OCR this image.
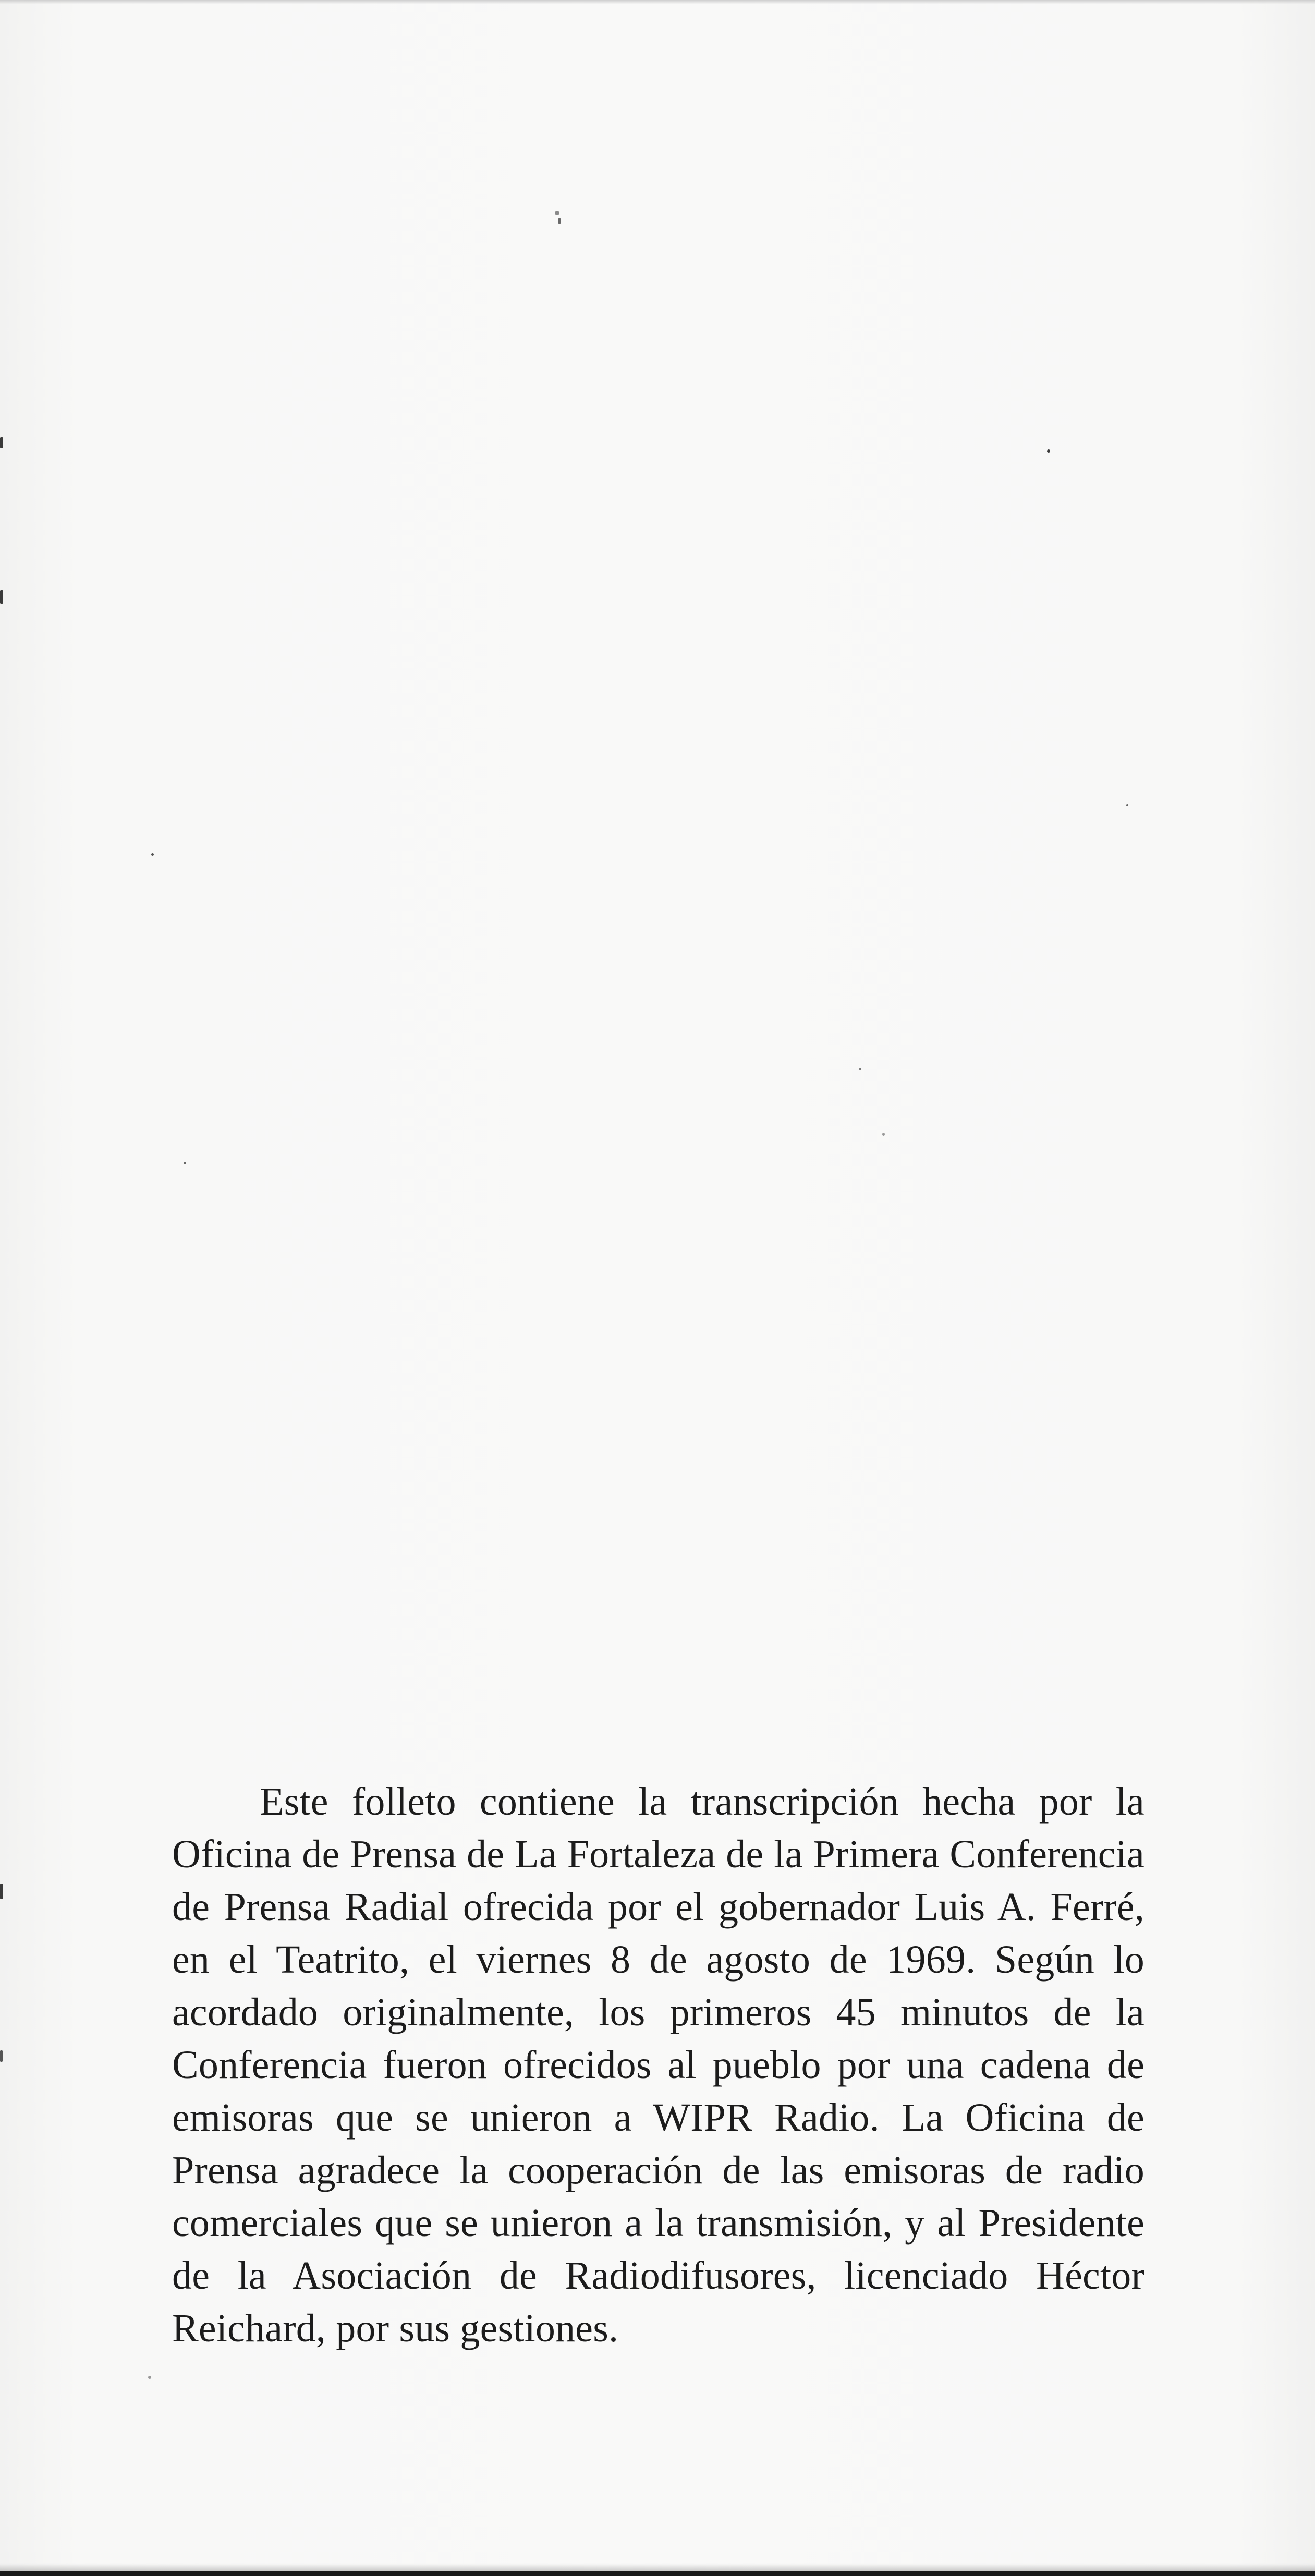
Este folleto contiene la transcripción hecha por la Oficina de Prensa de La Fortaleza de la Primera Conferencia de Prensa Radial ofrecida por el gobernador Luis A. Ferré, en el Teatrito, el viernes 8 de agosto de 1969. Según lo acordado originalmente, los primeros 45 minutos de la Conferencia fueron ofrecidos al pueblo por una cadena de emisoras que se unieron a WIPR Radio. La Oficina de Prensa agradece la cooperación de las emisoras de radio comerciales que se unieron a la transmisión, y al Presidente de la Asociación de Radiodifusores, licenciado Héctor Reichard, por sus gestiones.
